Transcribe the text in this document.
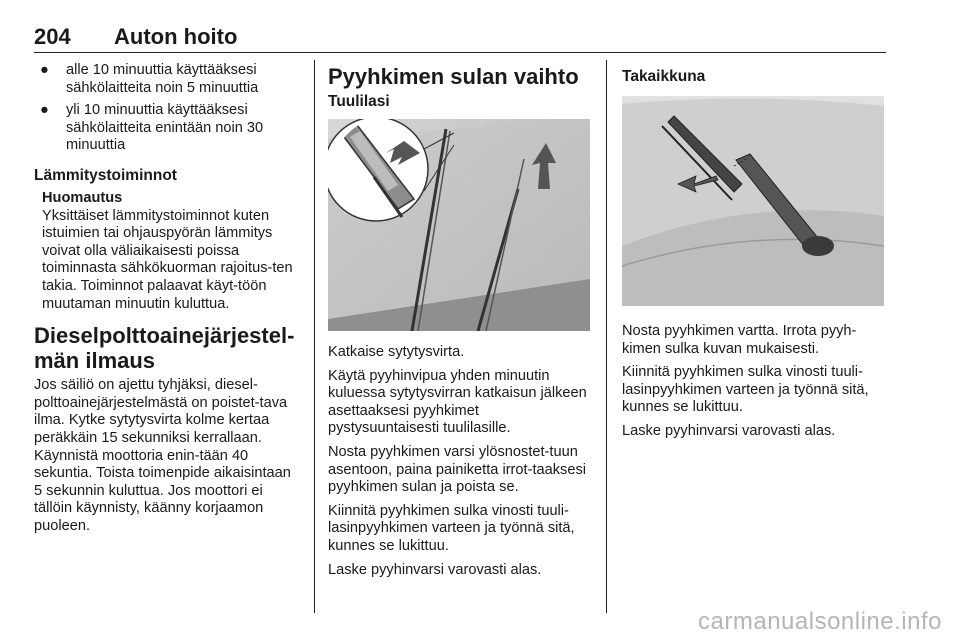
204 Auton hoito
● alle 10 minuuttia käyttääksesi sähkölaitteita noin 5 minuuttia
● yli 10 minuuttia käyttääksesi sähkölaitteita enintään noin 30 minuuttia
Lämmitystoiminnot
Huomautus

Yksittäiset lämmitystoiminnot kuten istuimien tai ohjauspyörän lämmitys voivat olla väliaikaisesti poissa toiminnasta sähkökuorman rajoitus-ten takia. Toiminnot palaavat käyt-töön muutaman minuutin kuluttua.

Dieselpolttoainejärjestel-män ilmaus

Jos säiliö on ajettu tyhjäksi, diesel-polttoainejärjestelmästä on poistet-tava ilma. Kytke sytytysvirta kolme kertaa peräkkäin 15 sekunniksi kerrallaan. Käynnistä moottoria enin-tään 40 sekuntia. Toista toimenpide aikaisintaan 5 sekunnin kuluttua. Jos moottori ei tällöin käynnisty, käänny korjaamon puoleen.

Pyyhkimen sulan vaihto
Tuulilasi

Katkaise sytytysvirta.

Käytä pyyhinvipua yhden minuutin kuluessa sytytysvirran katkaisun jälkeen asettaaksesi pyyhkimet pystysuuntaisesti tuulilasille.

Nosta pyyhkimen varsi ylösnostet-tuun asentoon, paina painiketta irrot-taaksesi pyyhkimen sulan ja poista se.

Kiinnitä pyyhkimen sulka vinosti tuuli-lasinpyyhkimen varteen ja työnnä sitä, kunnes se lukittuu.

Laske pyyhinvarsi varovasti alas.

Takaikkuna

Nosta pyyhkimen vartta. Irrota pyyh-kimen sulka kuvan mukaisesti.

Kiinnitä pyyhkimen sulka vinosti tuuli-lasinpyyhkimen varteen ja työnnä sitä, kunnes se lukittuu.

Laske pyyhinvarsi varovasti alas.

carmanualsonline.info
